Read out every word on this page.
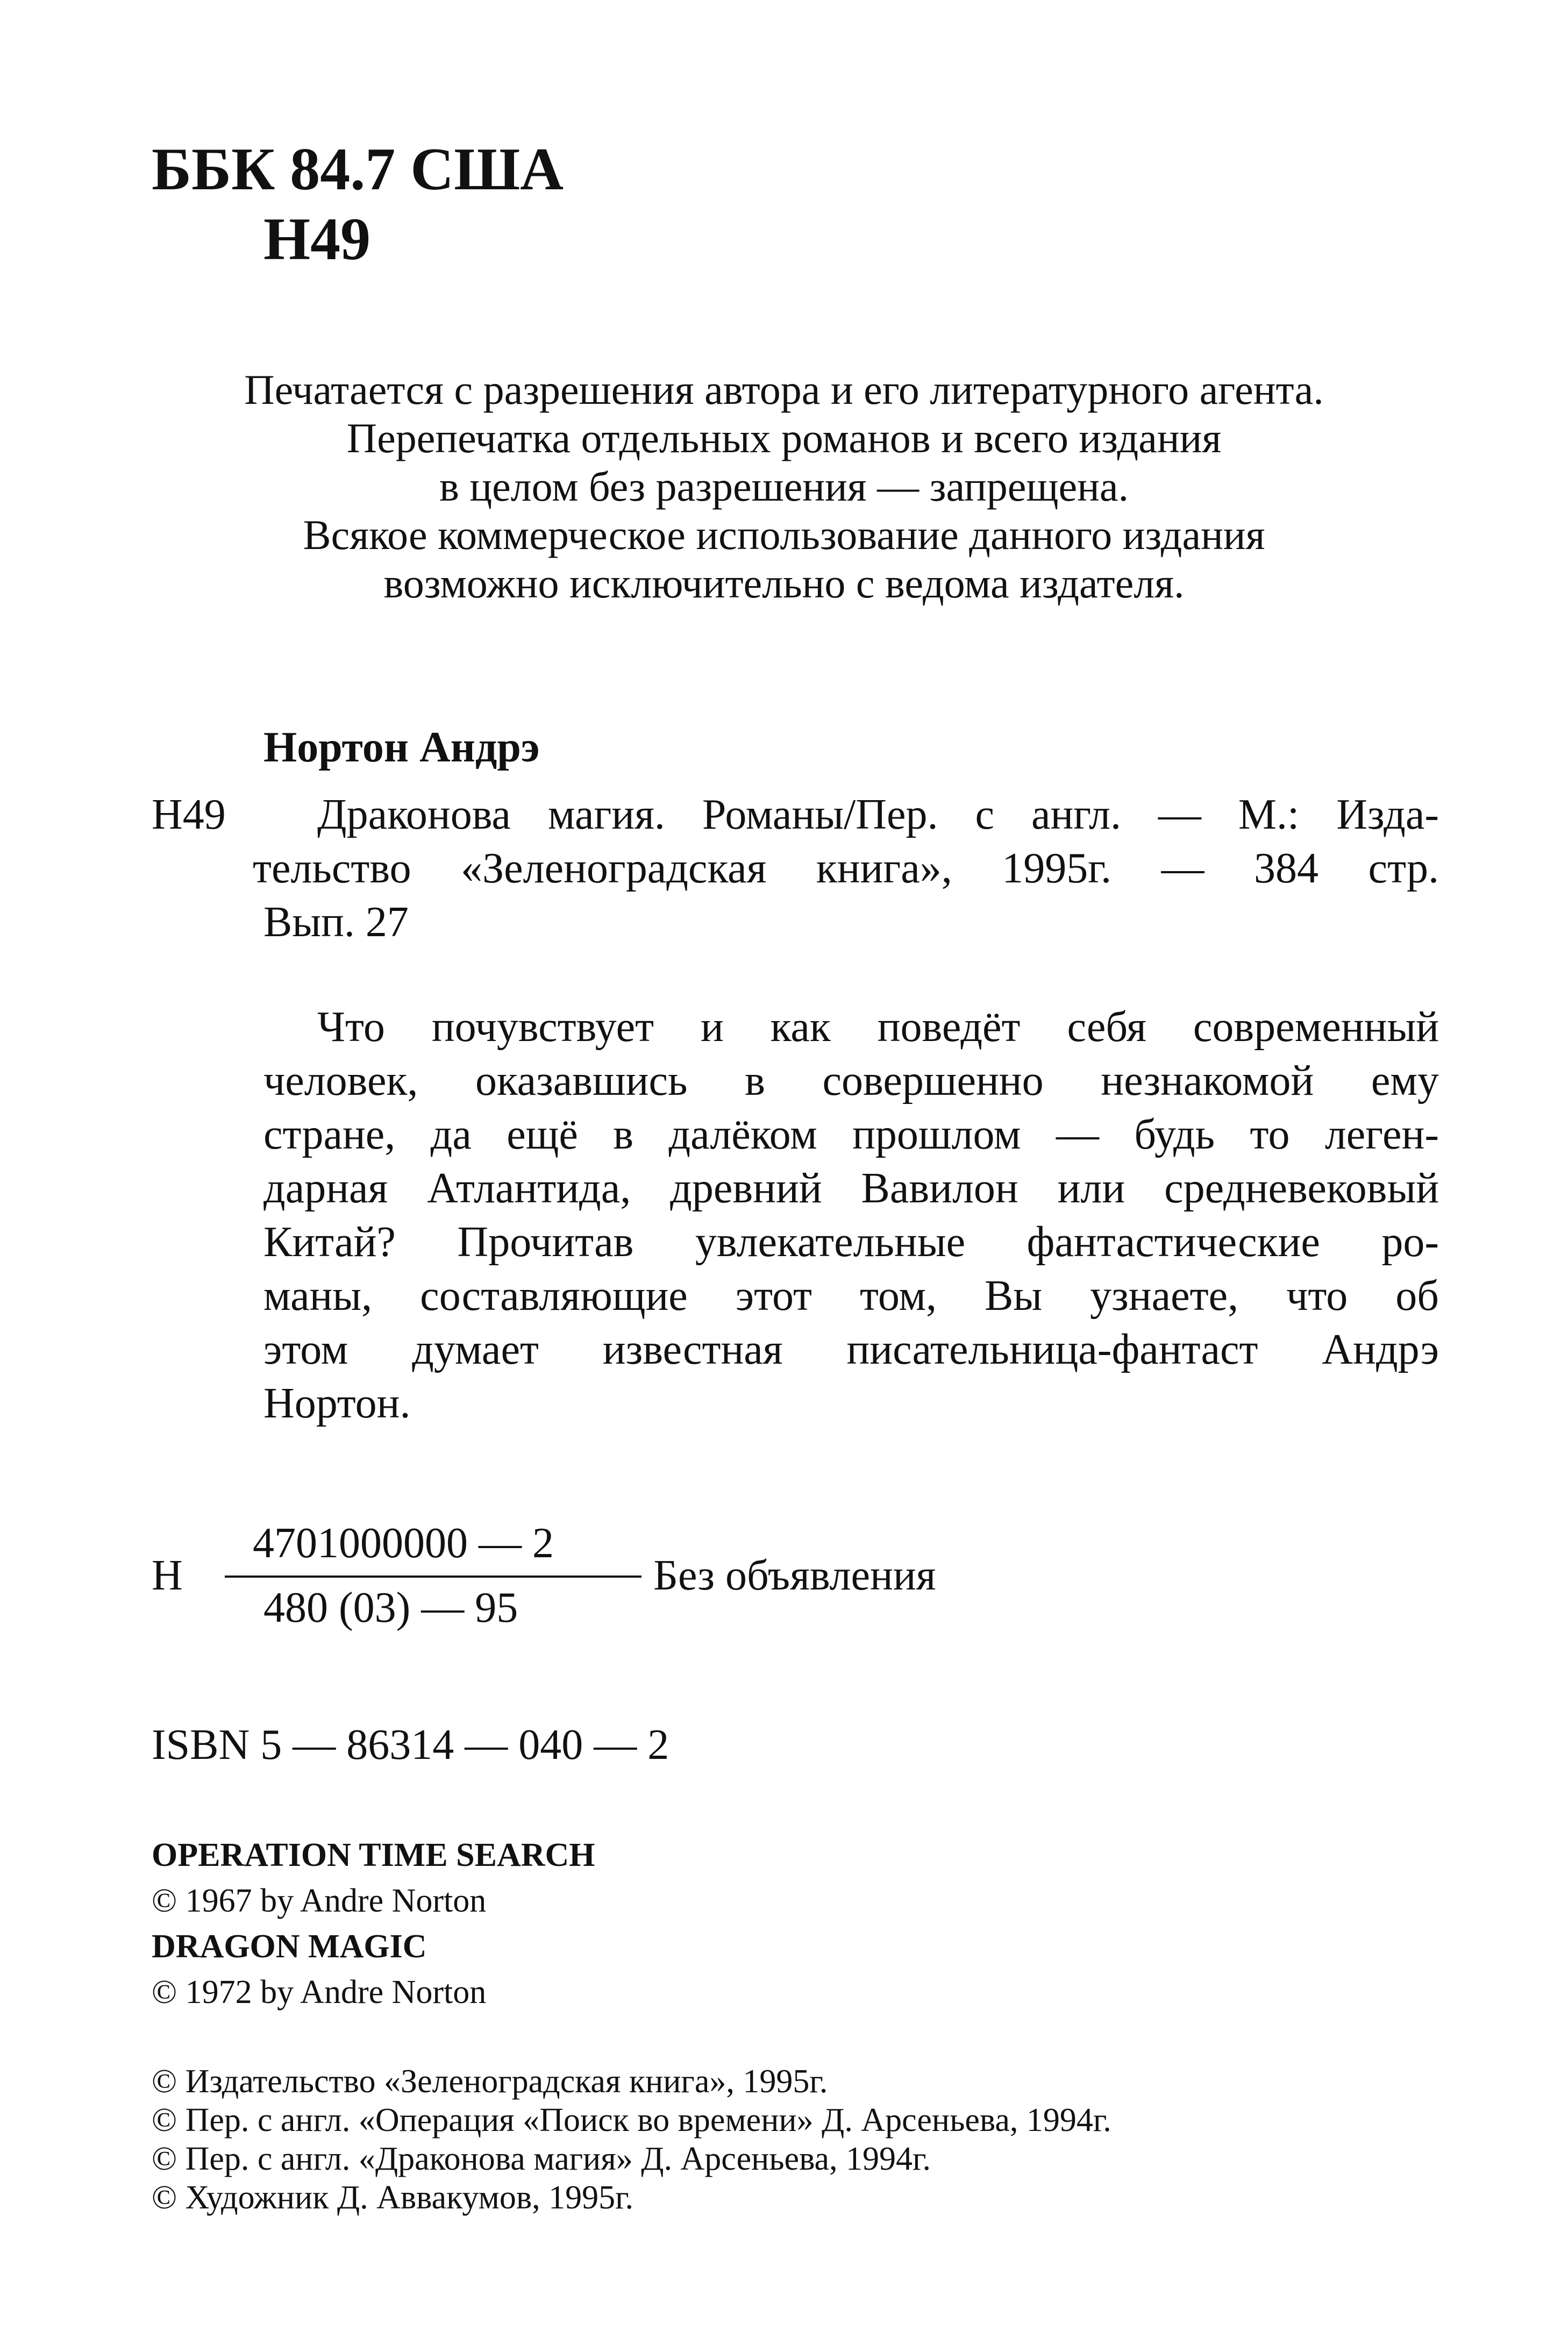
ББК 84.7 США
Н49
Печатается с разрешения автора и его литературного агента.
Перепечатка отдельных романов и всего издания
в целом без разрешения — запрещена.
Всякое коммерческое использование данного издания
возможно исключительно с ведома издателя.
Нортон Андрэ
Н49 Драконова магия. Романы/Пер. с англ. — М.: Изда-
тельство «Зеленоградская книга», 1995г. — 384 стр.
Вып. 27
Что почувствует и как поведёт себя современный
человек, оказавшись в совершенно незнакомой ему
стране, да ещё в далёком прошлом — будь то леген-
дарная Атлантида, древний Вавилон или средневековый
Китай? Прочитав увлекательные фантастические ро-
маны, составляющие этот том, Вы узнаете, что об
этом думает известная писательница-фантаст Андрэ
Нортон.
Н
4701000000 — 2
480 (03) — 95
Без объявления
ISBN 5 — 86314 — 040 — 2
OPERATION TIME SEARCH
© 1967 by Andre Norton
DRAGON MAGIC
© 1972 by Andre Norton
© Издательство «Зеленоградская книга», 1995г.
© Пер. с англ. «Операция «Поиск во времени» Д. Арсеньева, 1994г.
© Пер. с англ. «Драконова магия» Д. Арсеньева, 1994г.
© Художник Д. Аввакумов, 1995г.
